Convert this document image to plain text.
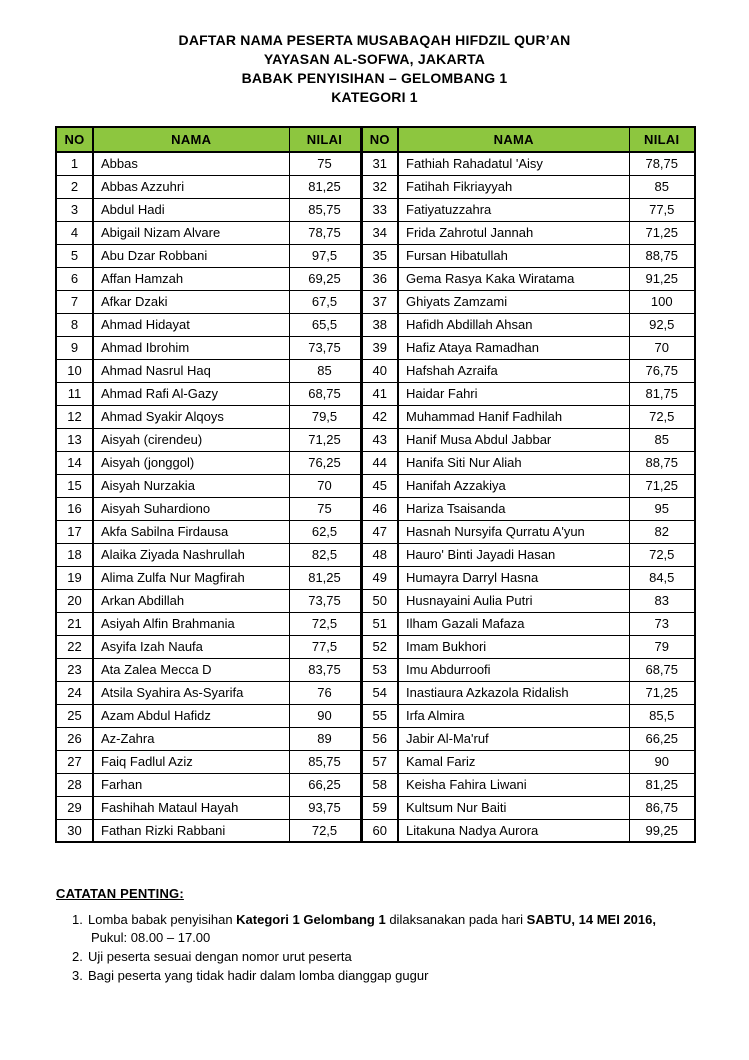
DAFTAR NAMA PESERTA MUSABAQAH HIFDZIL QUR’AN
YAYASAN AL-SOFWA, JAKARTA
BABAK PENYISIHAN – GELOMBANG 1
KATEGORI 1
NO	NAMA	NILAI	NO	NAMA	NILAI
1	Abbas	75	31	Fathiah Rahadatul 'Aisy	78,75
2	Abbas Azzuhri	81,25	32	Fatihah Fikriayyah	85
3	Abdul Hadi	85,75	33	Fatiyatuzzahra	77,5
4	Abigail Nizam Alvare	78,75	34	Frida Zahrotul Jannah	71,25
5	Abu Dzar Robbani	97,5	35	Fursan Hibatullah	88,75
6	Affan Hamzah	69,25	36	Gema Rasya Kaka Wiratama	91,25
7	Afkar Dzaki	67,5	37	Ghiyats Zamzami	100
8	Ahmad Hidayat	65,5	38	Hafidh Abdillah Ahsan	92,5
9	Ahmad Ibrohim	73,75	39	Hafiz Ataya Ramadhan	70
10	Ahmad Nasrul Haq	85	40	Hafshah Azraifa	76,75
11	Ahmad Rafi Al-Gazy	68,75	41	Haidar Fahri	81,75
12	Ahmad Syakir Alqoys	79,5	42	Muhammad Hanif Fadhilah	72,5
13	Aisyah (cirendeu)	71,25	43	Hanif Musa Abdul Jabbar	85
14	Aisyah (jonggol)	76,25	44	Hanifa Siti Nur Aliah	88,75
15	Aisyah Nurzakia	70	45	Hanifah Azzakiya	71,25
16	Aisyah Suhardiono	75	46	Hariza Tsaisanda	95
17	Akfa Sabilna Firdausa	62,5	47	Hasnah Nursyifa Qurratu A'yun	82
18	Alaika Ziyada Nashrullah	82,5	48	Hauro' Binti Jayadi Hasan	72,5
19	Alima Zulfa Nur Magfirah	81,25	49	Humayra Darryl Hasna	84,5
20	Arkan Abdillah	73,75	50	Husnayaini Aulia Putri	83
21	Asiyah Alfin Brahmania	72,5	51	Ilham Gazali Mafaza	73
22	Asyifa Izah Naufa	77,5	52	Imam Bukhori	79
23	Ata Zalea Mecca D	83,75	53	Imu Abdurroofi	68,75
24	Atsila Syahira As-Syarifa	76	54	Inastiaura Azkazola Ridalish	71,25
25	Azam Abdul Hafidz	90	55	Irfa Almira	85,5
26	Az-Zahra	89	56	Jabir Al-Ma'ruf	66,25
27	Faiq Fadlul Aziz	85,75	57	Kamal Fariz	90
28	Farhan	66,25	58	Keisha Fahira Liwani	81,25
29	Fashihah Mataul Hayah	93,75	59	Kultsum Nur Baiti	86,75
30	Fathan Rizki Rabbani	72,5	60	Litakuna Nadya Aurora	99,25
CATATAN PENTING:
1. Lomba babak penyisihan Kategori 1 Gelombang 1 dilaksanakan pada hari SABTU, 14 MEI 2016,
Pukul: 08.00 – 17.00
2. Uji peserta sesuai dengan nomor urut peserta
3. Bagi peserta yang tidak hadir dalam lomba dianggap gugur
